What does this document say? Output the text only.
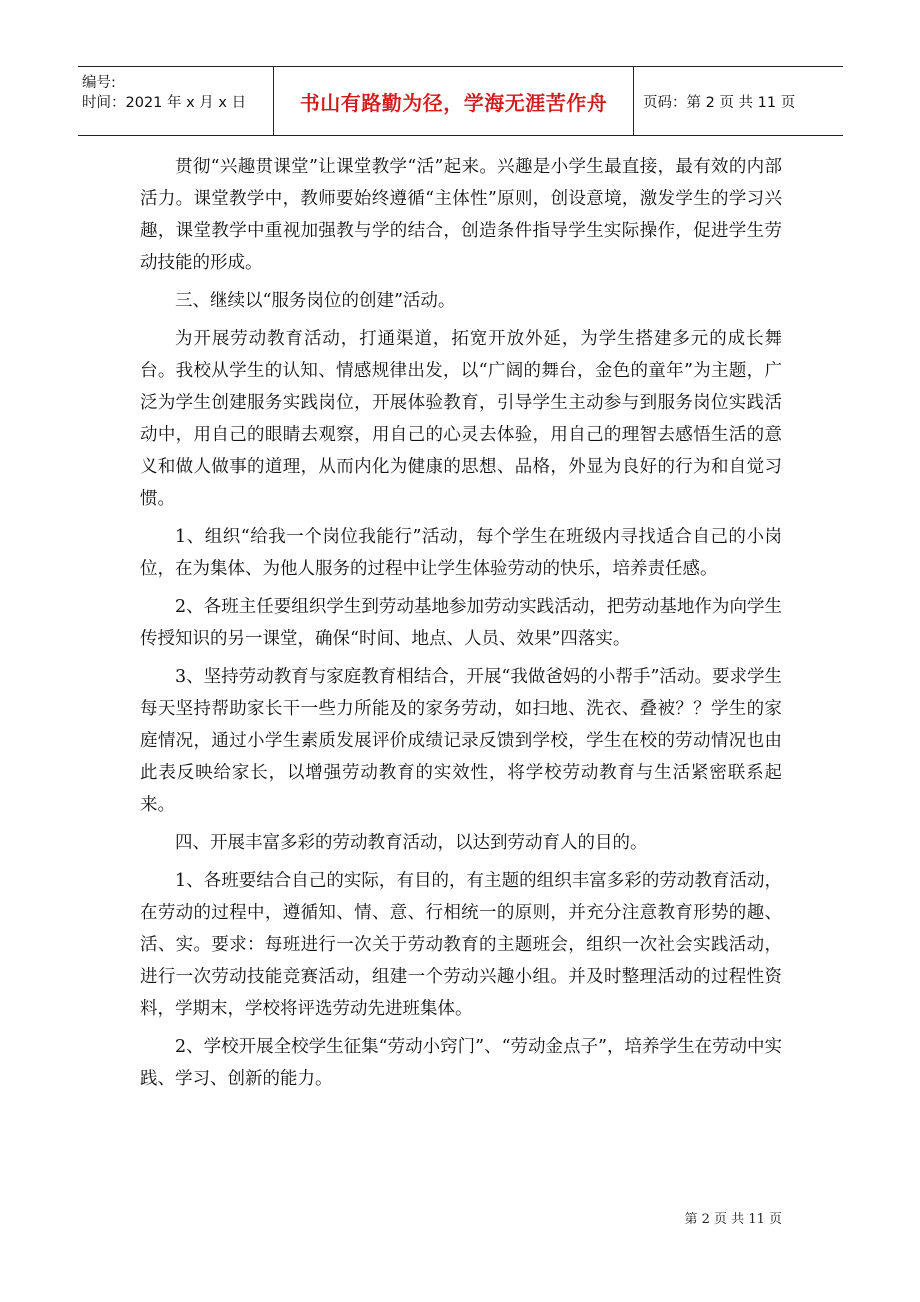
编号:
时间：2021 年 x 月 x 日	书山有路勤为径，学海无涯苦作舟 页码：第 2 页 共 11 页

贯彻“兴趣贯课堂”让课堂教学“活”起来。兴趣是小学生最直接，最有效的内部活力。课堂教学中，教师要始终遵循“主体性”原则，创设意境，激发学生的学习兴趣，课堂教学中重视加强教与学的结合，创造条件指导学生实际操作，促进学生劳动技能的形成。

三、继续以“服务岗位的创建”活动。

为开展劳动教育活动，打通渠道，拓宽开放外延，为学生搭建多元的成长舞台。我校从学生的认知、情感规律出发，以“广阔的舞台，金色的童年”为主题，广泛为学生创建服务实践岗位，开展体验教育，引导学生主动参与到服务岗位实践活动中，用自己的眼睛去观察，用自己的心灵去体验，用自己的理智去感悟生活的意义和做人做事的道理，从而内化为健康的思想、品格，外显为良好的行为和自觉习惯。

1、组织“给我一个岗位我能行”活动，每个学生在班级内寻找适合自己的小岗位，在为集体、为他人服务的过程中让学生体验劳动的快乐，培养责任感。

2、各班主任要组织学生到劳动基地参加劳动实践活动，把劳动基地作为向学生传授知识的另一课堂，确保“时间、地点、人员、效果”四落实。

3、坚持劳动教育与家庭教育相结合，开展“我做爸妈的小帮手”活动。要求学生每天坚持帮助家长干一些力所能及的家务劳动，如扫地、洗衣、叠被？？学生的家庭情况，通过小学生素质发展评价成绩记录反馈到学校，学生在校的劳动情况也由此表反映给家长，以增强劳动教育的实效性，将学校劳动教育与生活紧密联系起来。

四、开展丰富多彩的劳动教育活动，以达到劳动育人的目的。

1、各班要结合自己的实际，有目的，有主题的组织丰富多彩的劳动教育活动，在劳动的过程中，遵循知、情、意、行相统一的原则，并充分注意教育形势的趣、活、实。要求：每班进行一次关于劳动教育的主题班会，组织一次社会实践活动，进行一次劳动技能竞赛活动，组建一个劳动兴趣小组。并及时整理活动的过程性资料，学期末，学校将评选劳动先进班集体。

2、学校开展全校学生征集“劳动小窍门”、“劳动金点子”，培养学生在劳动中实践、学习、创新的能力。

第 2 页 共 11 页
